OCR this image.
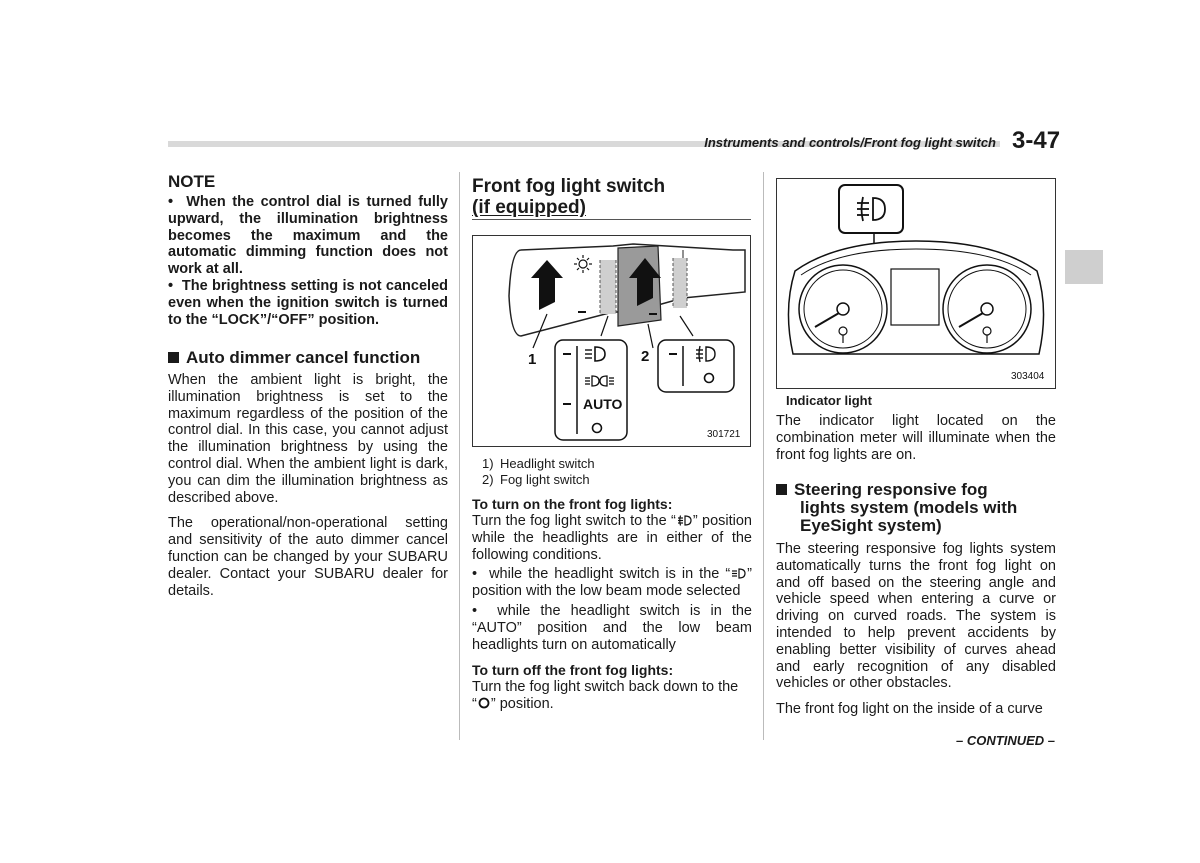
Instruments and controls/Front fog light switch 3-47
NOTE

•  When the control dial is turned fully upward, the illumination brightness becomes the maximum and the automatic dimming function does not work at all.

•  The brightness setting is not canceled even when the ignition switch is turned to the “LOCK”/“OFF” position.

Auto dimmer cancel function

When the ambient light is bright, the illumination brightness is set to the maximum regardless of the position of the control dial. In this case, you cannot adjust the illumination brightness by using the control dial. When the ambient light is dark, you can dim the illumination brightness as described above.

The operational/non-operational setting and sensitivity of the auto dimmer cancel function can be changed by your SUBARU dealer. Contact your SUBARU dealer for details.

Front fog light switch
(if equipped)
AUTO
1	2
301721
1) Headlight switch
2) Fog light switch

To turn on the front fog lights:

Turn the fog light switch to the “ ” position while the headlights are in either of the following conditions.

•  while the headlight switch is in the “ ” position with the low beam mode selected

•  while the headlight switch is in the “AUTO” position and the low beam headlights turn on automatically

To turn off the front fog lights:

Turn the fog light switch back down to the
“ ” position.

303404
Indicator light

The indicator light located on the combination meter will illuminate when the front fog lights are on.

Steering responsive fog
lights system (models with
EyeSight system)

The steering responsive fog lights system automatically turns the front fog light on and off based on the steering angle and vehicle speed when entering a curve or driving on curved roads. The system is intended to help prevent accidents by enabling better visibility of curves ahead and early recognition of any disabled vehicles or other obstacles.

The front fog light on the inside of a curve

– CONTINUED –
